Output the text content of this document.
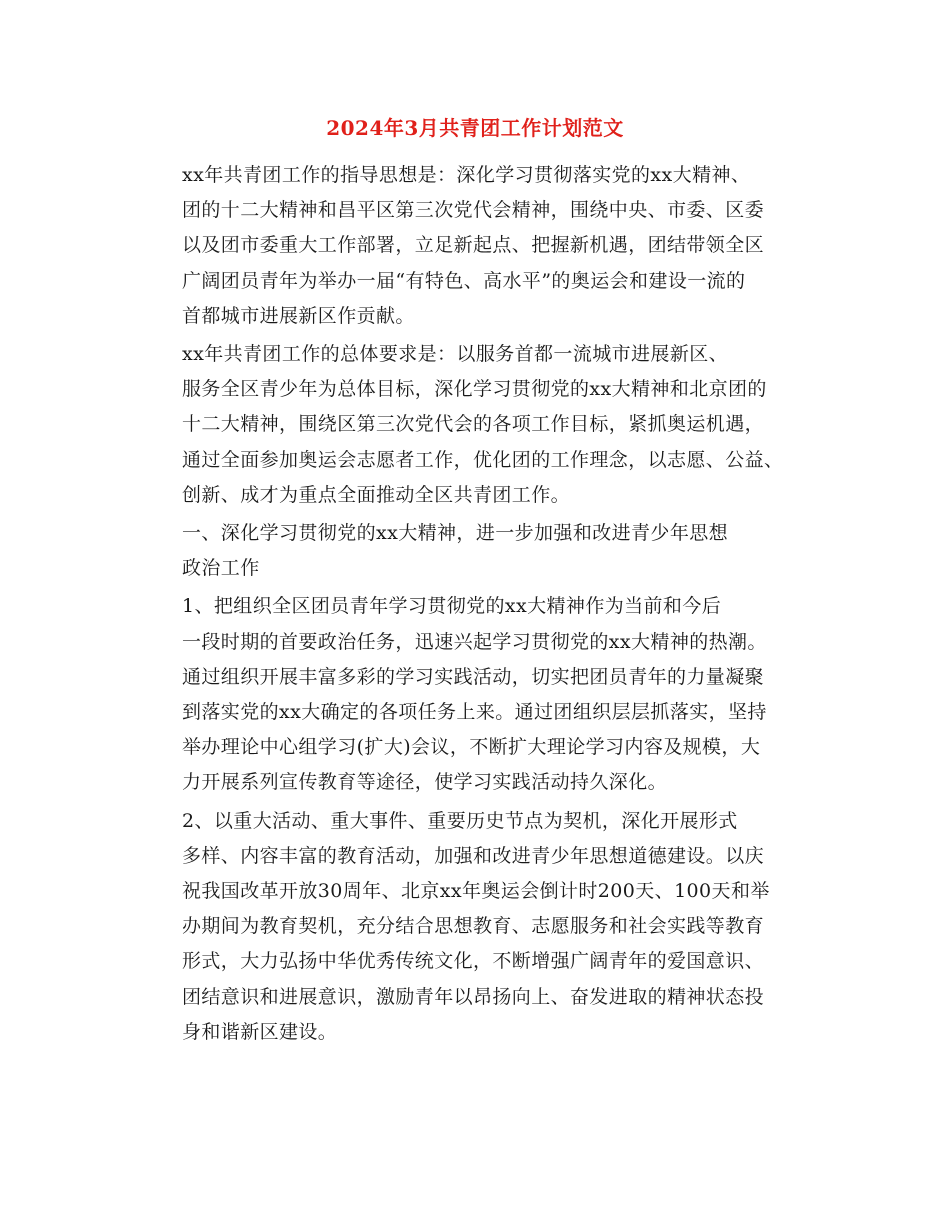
2024年3月共青团工作计划范文

xx年共青团工作的指导思想是：深化学习贯彻落实党的xx大精神、
团的十二大精神和昌平区第三次党代会精神，围绕中央、市委、区委
以及团市委重大工作部署，立足新起点、把握新机遇，团结带领全区
广阔团员青年为举办一届“有特色、高水平”的奥运会和建设一流的
首都城市进展新区作贡献。

xx年共青团工作的总体要求是：以服务首都一流城市进展新区、
服务全区青少年为总体目标，深化学习贯彻党的xx大精神和北京团的
十二大精神，围绕区第三次党代会的各项工作目标，紧抓奥运机遇，
通过全面参加奥运会志愿者工作，优化团的工作理念，以志愿、公益、
创新、成才为重点全面推动全区共青团工作。

一、深化学习贯彻党的xx大精神，进一步加强和改进青少年思想
政治工作

1、把组织全区团员青年学习贯彻党的xx大精神作为当前和今后
一段时期的首要政治任务，迅速兴起学习贯彻党的xx大精神的热潮。
通过组织开展丰富多彩的学习实践活动，切实把团员青年的力量凝聚
到落实党的xx大确定的各项任务上来。通过团组织层层抓落实，坚持
举办理论中心组学习(扩大)会议，不断扩大理论学习内容及规模，大
力开展系列宣传教育等途径，使学习实践活动持久深化。

2、以重大活动、重大事件、重要历史节点为契机，深化开展形式
多样、内容丰富的教育活动，加强和改进青少年思想道德建设。以庆
祝我国改革开放30周年、北京xx年奥运会倒计时200天、100天和举
办期间为教育契机，充分结合思想教育、志愿服务和社会实践等教育
形式，大力弘扬中华优秀传统文化，不断增强广阔青年的爱国意识、
团结意识和进展意识，激励青年以昂扬向上、奋发进取的精神状态投
身和谐新区建设。
